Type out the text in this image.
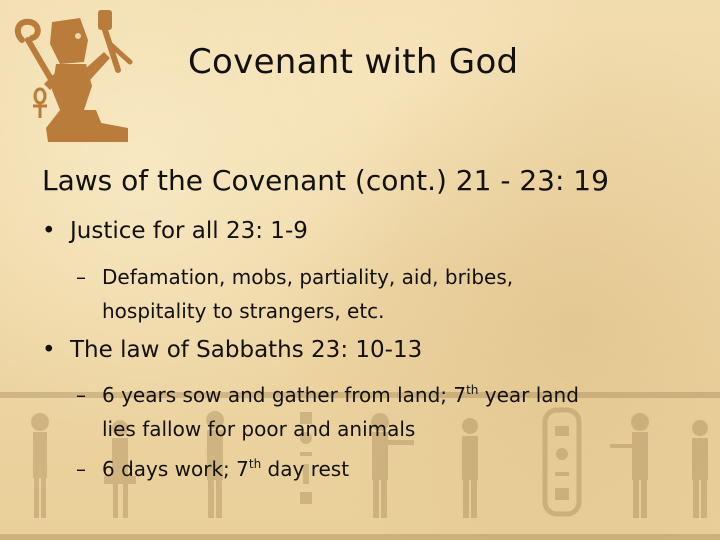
Covenant with God
Laws of the Covenant (cont.) 21 - 23: 19
• Justice for all 23: 1-9
– Defamation, mobs, partiality, aid, bribes,
hospitality to strangers, etc.
• The law of Sabbaths 23: 10-13
– 6 years sow and gather from land; 7th year land
lies fallow for poor and animals
– 6 days work; 7th day rest
